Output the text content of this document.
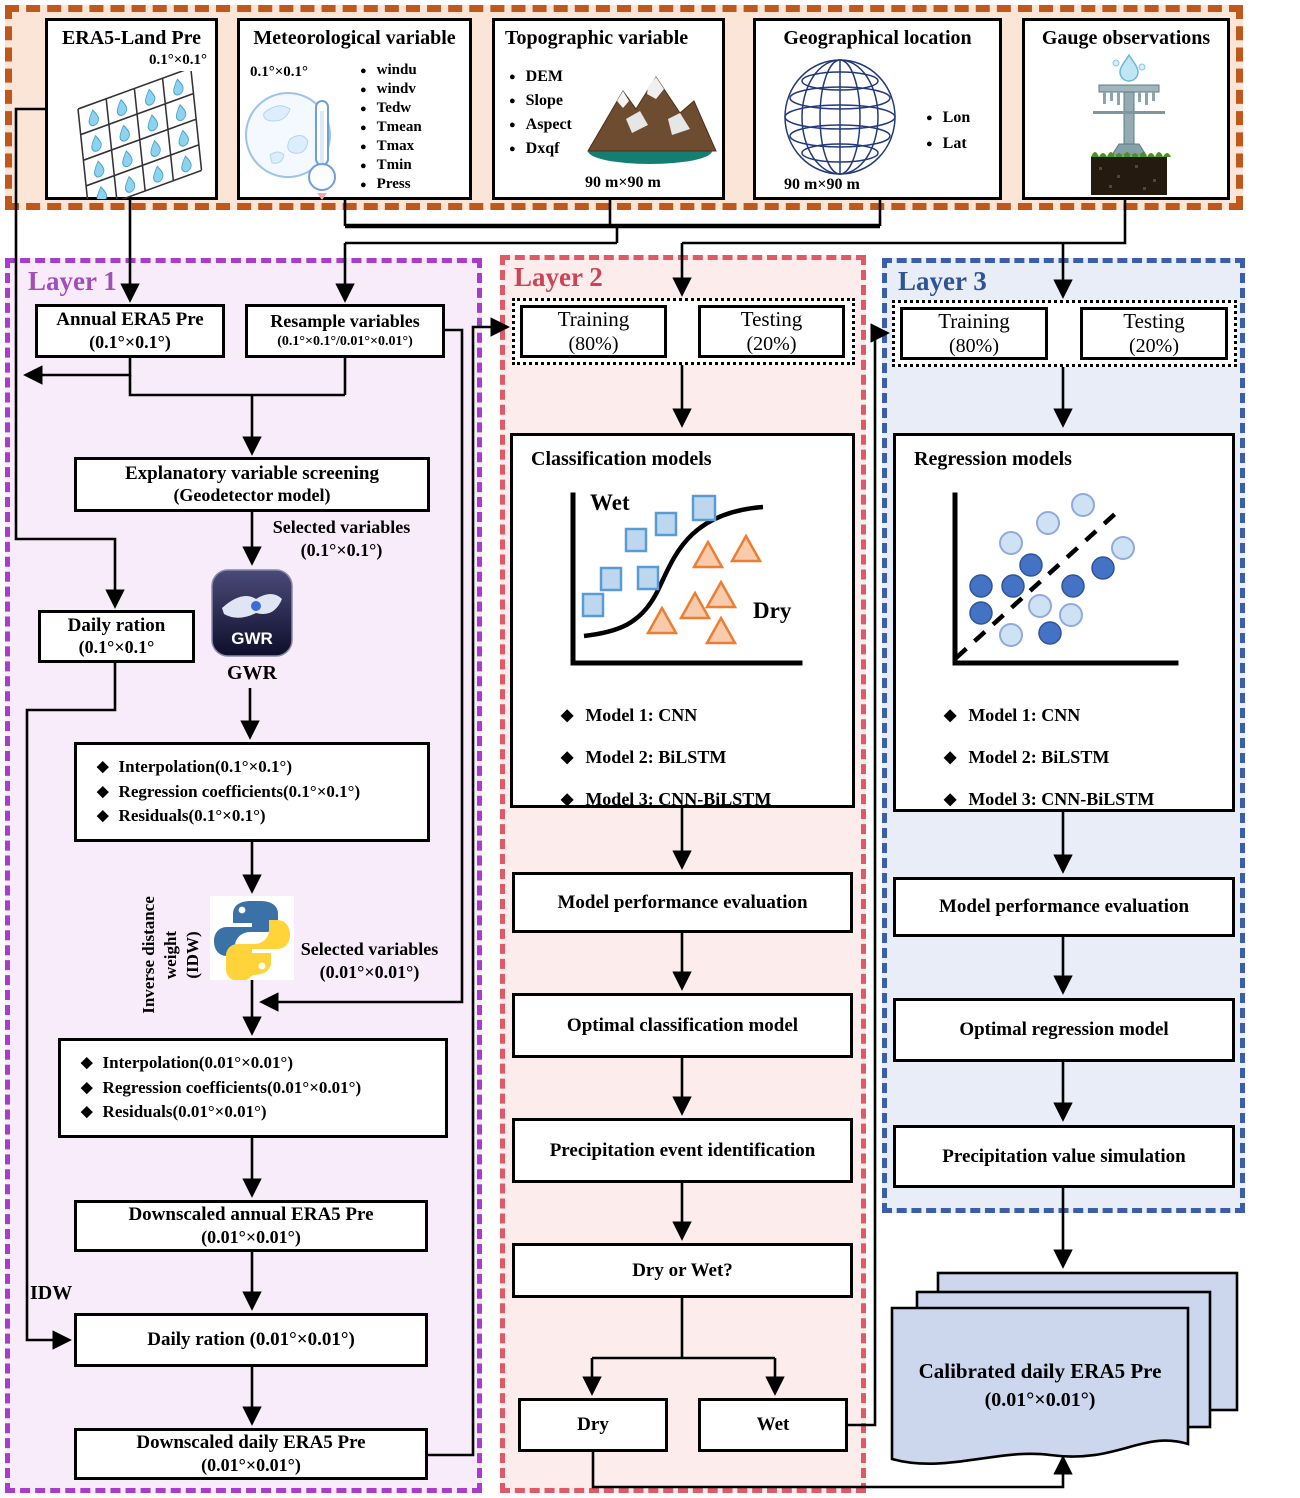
Layer 1	Layer 2	Layer 3
ERA5-Land Pre
0.1°×0.1°
Meteorological variable
0.1°×0.1°	● windu
● windv
● Tedw
● Tmean
● Tmax
● Tmin
● Press
Topographic variable
● DEM
● Slope
● Aspect
● Dxqf
90 m×90 m
Geographical location
● Lon
● Lat
90 m×90 m
Gauge observations
Annual ERA5 Pre
(0.1°×0.1°)
Resample variables
(0.1°×0.1°/0.01°×0.01°)
Explanatory variable screening
(Geodetector model)
Selected variables
(0.1°×0.1°)
GWR
GWR
Daily ration
(0.1°×0.1°
◆ Interpolation(0.1°×0.1°)
◆ Regression coefficients(0.1°×0.1°)
◆ Residuals(0.1°×0.1°)
Inverse distance weight (IDW)	Selected variables
(0.01°×0.01°)
◆ Interpolation(0.01°×0.01°)
◆ Regression coefficients(0.01°×0.01°)
◆ Residuals(0.01°×0.01°)
Downscaled annual ERA5 Pre
(0.01°×0.01°)
IDW
Daily ration (0.01°×0.01°)
Downscaled daily ERA5 Pre
(0.01°×0.01°)
Training
(80%)
Testing
(20%)
Classification models
Wet
Dry
◆ Model 1: CNN
◆ Model 2: BiLSTM
◆ Model 3: CNN-BiLSTM
Model performance evaluation
Optimal classification model
Precipitation event identification
Dry or Wet?
Dry	Wet
Training
(80%)
Testing
(20%)
Regression models
◆ Model 1: CNN
◆ Model 2: BiLSTM
◆ Model 3: CNN-BiLSTM
Model performance evaluation
Optimal regression model
Precipitation value simulation
Calibrated daily ERA5 Pre
(0.01°×0.01°)
